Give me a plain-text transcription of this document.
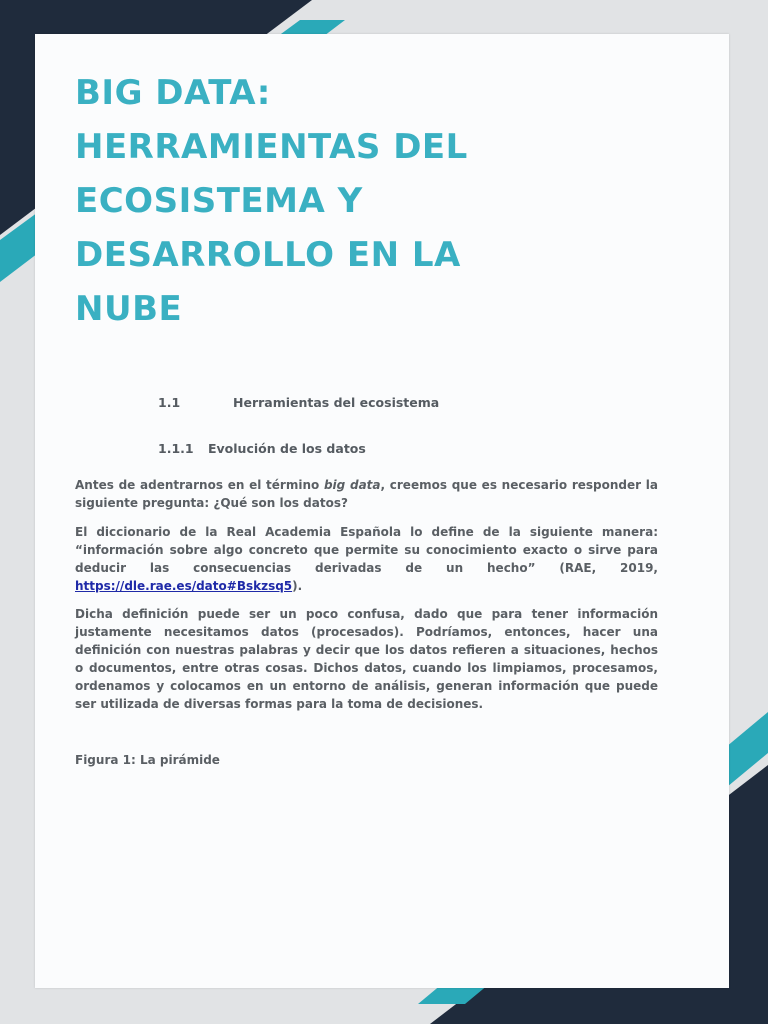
BIG DATA: HERRAMIENTAS DEL ECOSISTEMA Y DESARROLLO EN LA NUBE
1.1	Herramientas del ecosistema
1.1.1 Evolución de los datos

Antes de adentrarnos en el término big data, creemos que es necesario responder la siguiente pregunta: ¿Qué son los datos?

El diccionario de la Real Academia Española lo define de la siguiente manera: “información sobre algo concreto que permite su conocimiento exacto o sirve para deducir las consecuencias derivadas de un hecho” (RAE, 2019, https://dle.rae.es/dato#Bskzsq5).

Dicha definición puede ser un poco confusa, dado que para tener información justamente necesitamos datos (procesados). Podríamos, entonces, hacer una definición con nuestras palabras y decir que los datos refieren a situaciones, hechos o documentos, entre otras cosas. Dichos datos, cuando los limpiamos, procesamos, ordenamos y colocamos en un entorno de análisis, generan información que puede ser utilizada de diversas formas para la toma de decisiones.

Figura 1: La pirámide
